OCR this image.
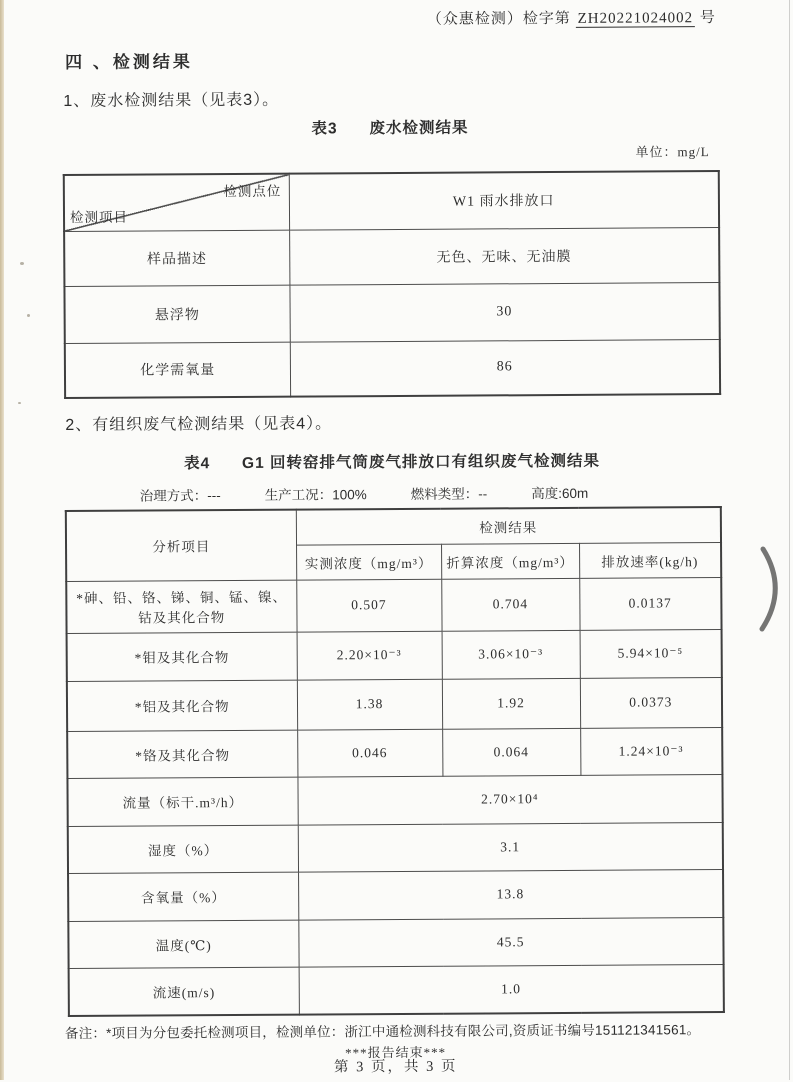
（众惠检测）检字第 ZH20221024002 号
四 、检测结果
1、废水检测结果（见表3）。
表3      废水检测结果
单位：mg/L
检测点位
检测项目	W1 雨水排放口
样品描述	无色、无味、无油膜
悬浮物	30
化学需氧量	86
2、有组织废气检测结果（见表4）。
表4      G1 回转窑排气筒废气排放口有组织废气检测结果
治理方式：---	生产工况：100%	燃料类型：--	高度:60m
分析项目	检测结果		
	实测浓度（mg/m³）	折算浓度（mg/m³）	排放速率(kg/h)
*砷、铅、铬、锑、铜、锰、镍、钴及其化合物	0.507	0.704	0.0137
*钼及其化合物	2.20×10⁻³	3.06×10⁻³	5.94×10⁻⁵
*铝及其化合物	1.38	1.92	0.0373
*铬及其化合物	0.046	0.064	1.24×10⁻³
流量（标干.m³/h）	2.70×10⁴		
湿度（%）	3.1		
含氧量（%）	13.8		
温度(℃)	45.5		
流速(m/s)	1.0		
备注：*项目为分包委托检测项目，检测单位：浙江中通检测科技有限公司,资质证书编号151121341561。
***报告结束***
第 3 页，共 3 页
